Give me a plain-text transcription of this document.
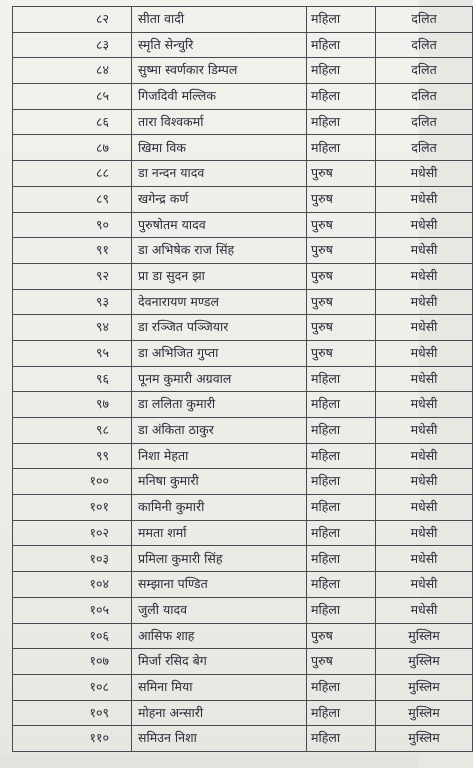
८२	सीता वादी	महिला	दलित
८३	स्मृति सेन्चुरि	महिला	दलित
८४	सुष्मा स्वर्णकार डिम्पल	महिला	दलित
८५	गिजदिवी मल्लिक	महिला	दलित
८६	तारा विश्वकर्मा	महिला	दलित
८७	खिमा विक	महिला	दलित
८८	डा नन्दन यादव	पुरुष	मधेसी
८९	खगेन्द्र कर्ण	पुरुष	मधेसी
९०	पुरुषोतम यादव	पुरुष	मधेसी
९१	डा अभिषेक राज सिंह	पुरुष	मधेसी
९२	प्रा डा सुदन झा	पुरुष	मधेसी
९३	देवनारायण मण्डल	पुरुष	मधेसी
९४	डा रञ्जित पञ्जियार	पुरुष	मधेसी
९५	डा अभिजित गुप्ता	पुरुष	मधेसी
९६	पूनम कुमारी अग्रवाल	महिला	मधेसी
९७	डा ललिता कुमारी	महिला	मधेसी
९८	डा अंकिता ठाकुर	महिला	मधेसी
९९	निशा मेहता	महिला	मधेसी
१००	मनिषा कुमारी	महिला	मधेसी
१०१	कामिनी कुमारी	महिला	मधेसी
१०२	ममता शर्मा	महिला	मधेसी
१०३	प्रमिला कुमारी सिंह	महिला	मधेसी
१०४	सम्झाना पण्डित	महिला	मधेसी
१०५	जुली यादव	महिला	मधेसी
१०६	आसिफ शाह	पुरुष	मुस्लिम
१०७	मिर्जा रसिद बेग	पुरुष	मुस्लिम
१०८	समिना मिया	महिला	मुस्लिम
१०९	मोहना अन्सारी	महिला	मुस्लिम
११०	समिउन निशा	महिला	मुस्लिम
